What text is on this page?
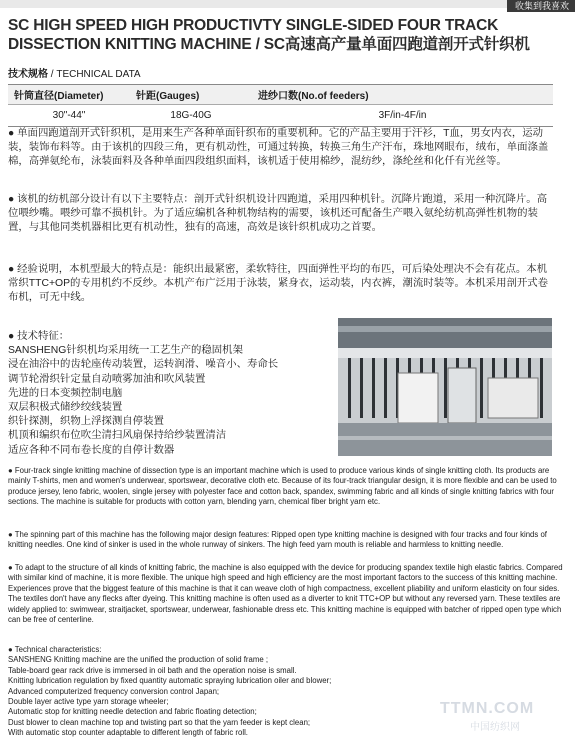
收集到我喜欢
SC HIGH SPEED HIGH PRODUCTIVTY SINGLE-SIDED FOUR TRACK
DISSECTION KNITTING MACHINE / SC高速高产量单面四跑道剖开式针织机
技术规格 / TECHNICAL DATA
针筒直径(Diameter)	针距(Gauges)	进纱口数(No.of feeders)
30"-44"	18G-40G	3F/in-4F/in
● 单面四跑道剖开式针织机，是用来生产各种单面针织布的重要机种。它的产品主要用于汗衫，T血，男女内衣，运动装，装饰布料等。由于该机的四段三角，更有机动性，可通过转换，转换三角生产汗布，珠地网眼布，绒布，单面涤盖棉，高弹氨纶布，泳装面料及各种单面四段组织面料，该机适于使用棉纱，混纺纱，涤纶丝和化仟有光丝等。
● 该机的纺机部分设计有以下主要特点：剖开式针织机设计四跑道，采用四种机针。沉降片跑道，采用一种沉降片。高位喂纱嘴。喂纱可靠不损机针。为了适应编机各种机物结构的需要，该机还可配备生产喂入氨纶纺机高弹性机物的装置，与其他同类机器相比更有机动性，独有的高速，高效是该针织机成功之首要。
● 经验说明，本机型最大的特点是：能织出最紧密，柔软特往，四面弹性平均的布匹，可后染处理决不会有花点。本机常织TTC+OP的专用机约不反纱。本机产布广泛用于泳装，紧身衣，运动装，内衣裤，潮流时装等。本机采用剖开式卷布机，可无中线。
● 技术特征：
SANSHENG针织机均采用统一工艺生产的稳固机架
浸在油浴中的齿轮座传动装置，运转润滑、噪音小、寿命长
调节轮滑织针定量自动喷雾加油和吹风装置
先进的日本变频控制电脑
双层积极式储纱绞线装置
织针探测，织物上浮探测自停装置
机顶和编织布位吹尘清扫风扇保持给纱装置清洁
适应各种不同布卷长度的自停计数器
● Four-track single knitting machine of dissection type is an important machine which is used to produce various kinds of single knitting cloth. Its products are mainly T-shirts, men and women's underwear, sportswear, decorative cloth etc. Because of its four-track triangular design, it is more flexible and can be used to produce jersey, leno fabric, woolen, single jersey with polyester face and cotton back, spandex, swimming fabric and all kinds of single knitting fabrics with four sections. The machine is suitable for products with cotton yarn, blending yarn, chemical fiber bright yarn etc.
● The spinning part of this machine has the following major design features: Ripped open type knitting machine is designed with four tracks and four kinds of knitting needles. One kind of sinker is used in the whole runway of sinkers. The high feed yarn mouth is reliable and harmless to knitting needle.
● To adapt to the structure of all kinds of knitting fabric, the machine is also equipped with the device for producing spandex textile high elastic fabrics. Compared with similar kind of machine, it is more flexible. The unique high speed and high efficiency are the most important factors to the success of this knitting machine. Experiences prove that the biggest feature of this machine is that it can weave cloth of high compactness, excellent pliability and uniform elasticity on four sides. The textiles don't have any flecks after dyeing. This knitting machine is often used as a diverter to knit TTC+OP but without any reversed yarn. These textiles are widely applied to: swimwear, straitjacket, sportswear, underwear, fashionable dress etc. This knitting machine is equipped with batcher of ripped open type which can be free of centerline.
● Technical characteristics:
SANSHENG Knitting machine are the unified the production of solid frame ;
Table-board gear rack drive is immersed in oil bath and the operation noise is small.
Knitting lubrication regulation by fixed quantity automatic spraying lubrication oiler and blower;
Advanced computerized frequency conversion control Japan;
Double layer active type yarn storage wheeler;
Automatic stop for knitting needle detection and fabric floating detection;
Dust blower to clean machine top and twisting part so that the yarn feeder is kept clean;
With automatic stop counter adaptable to different length of fabric roll.
TTMN.COM
中国纺织网
